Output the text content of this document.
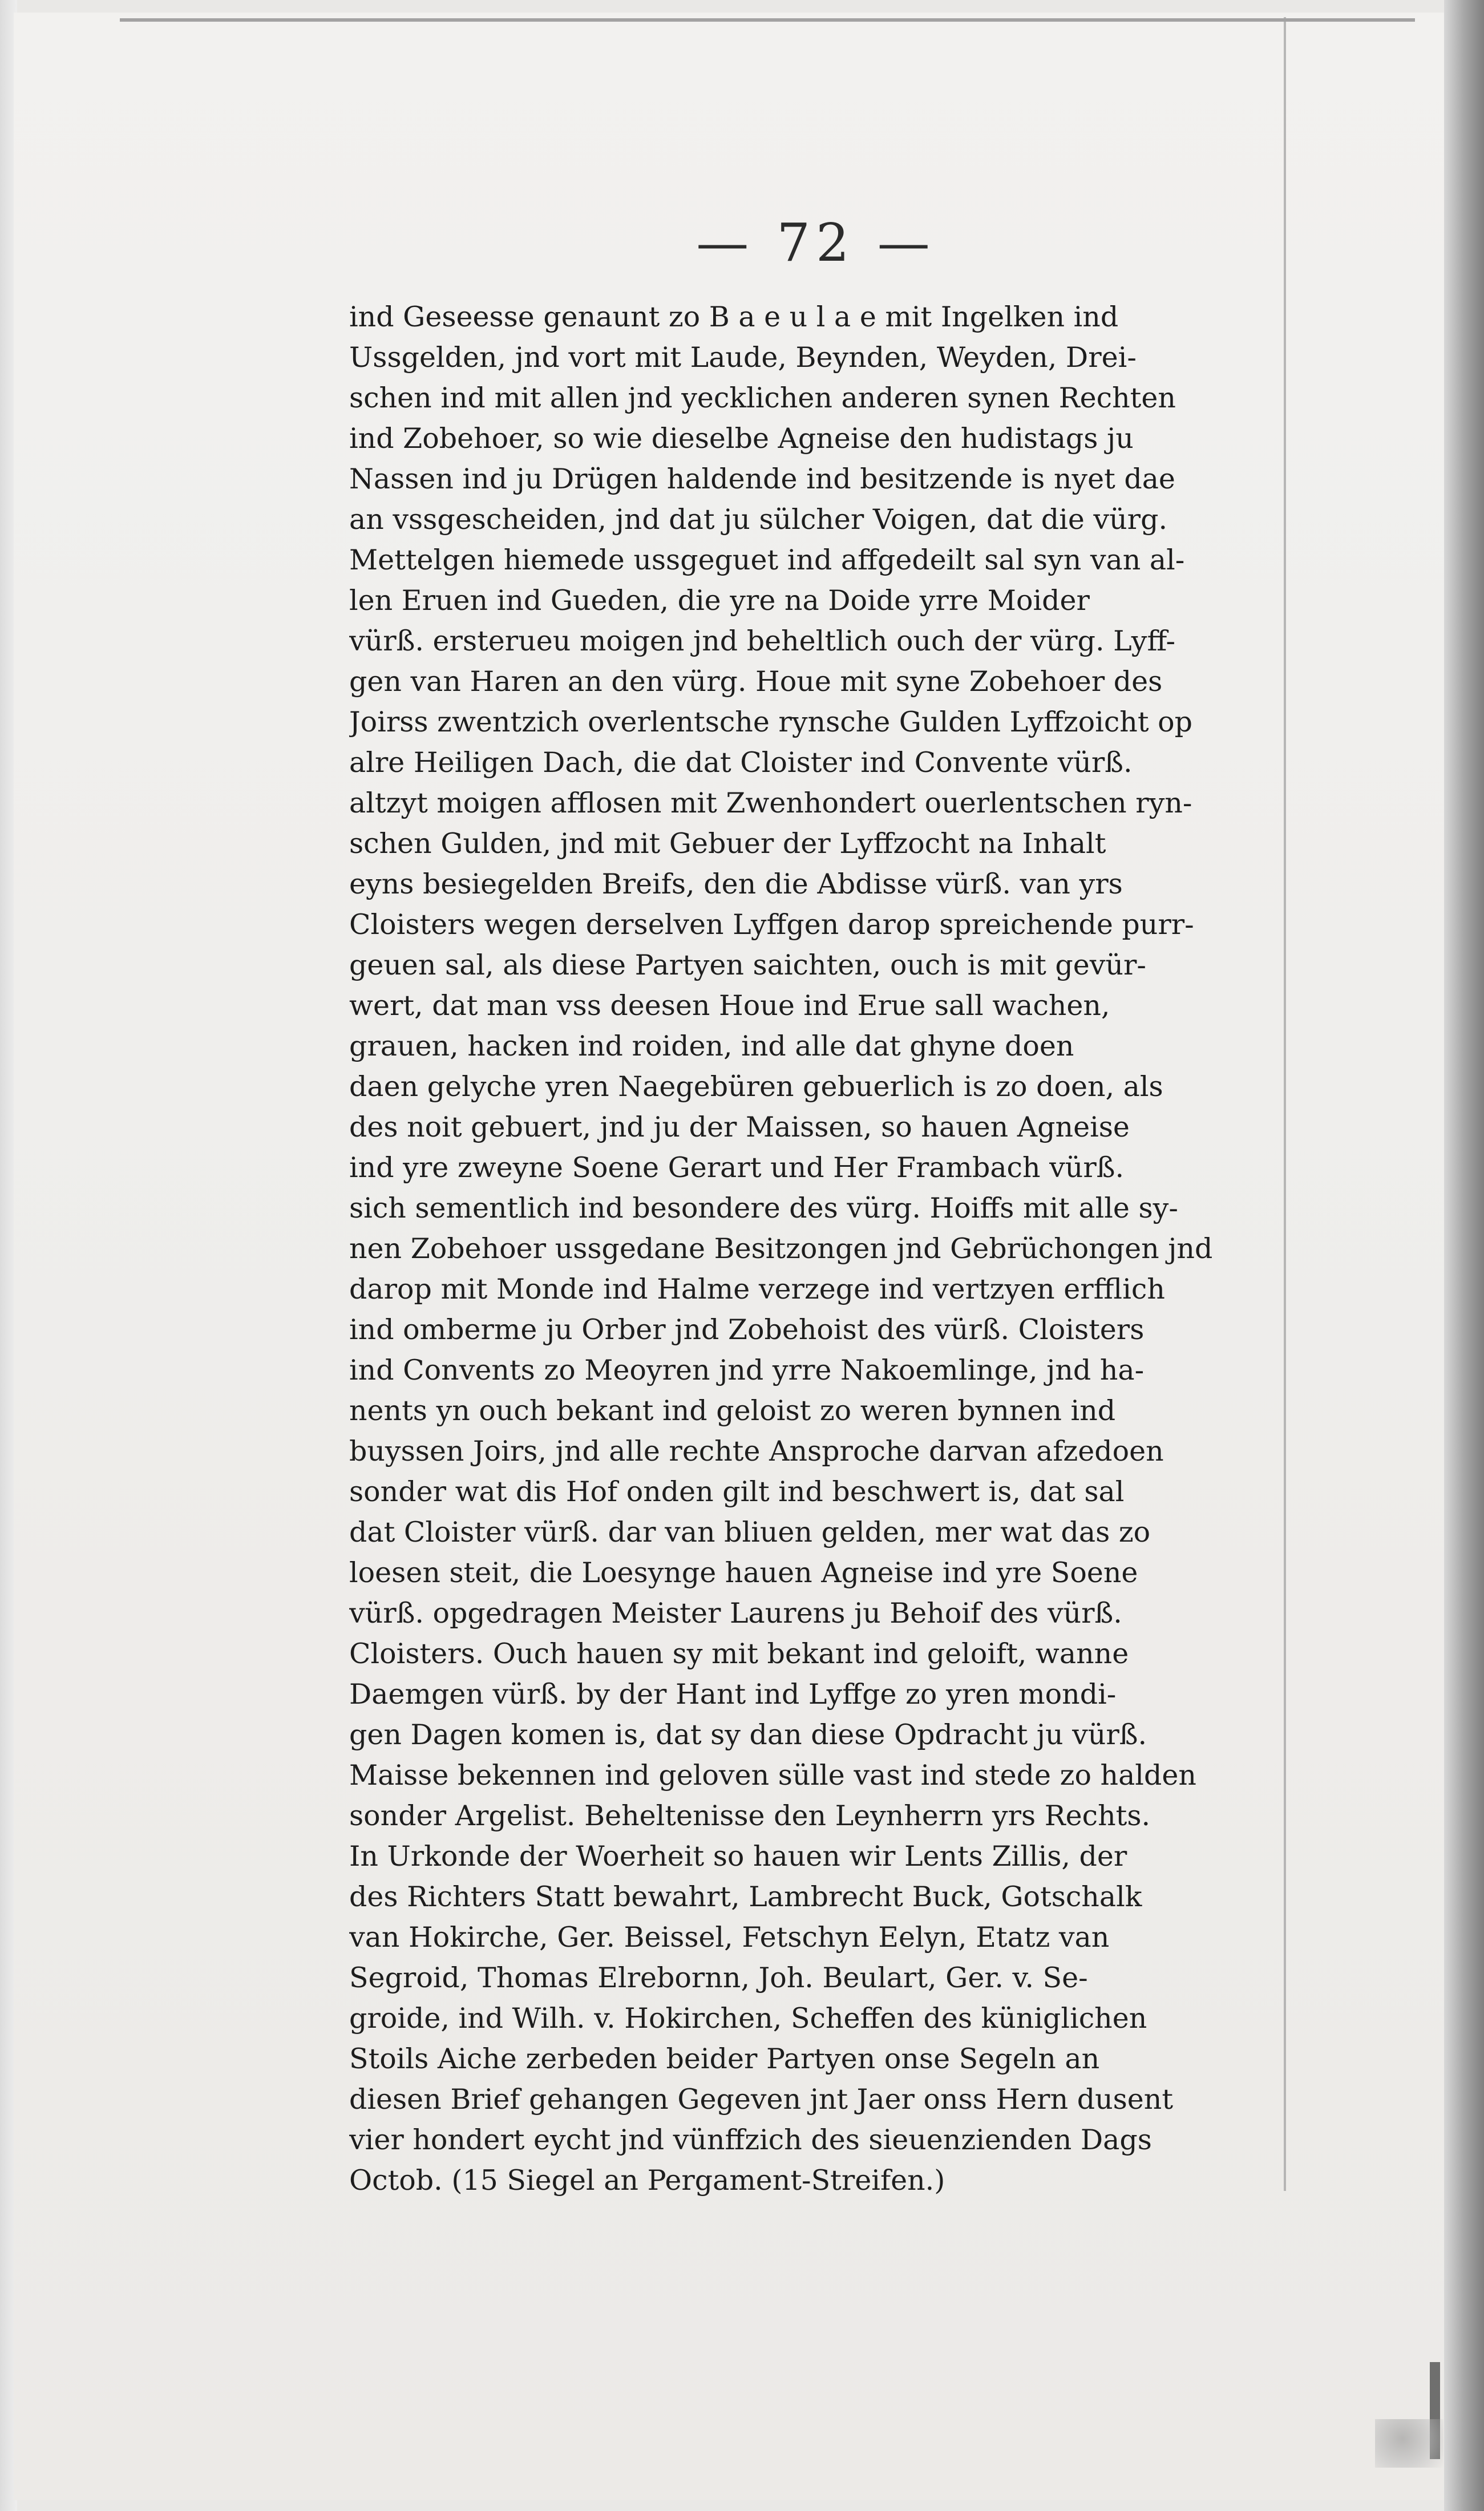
— 72 —
ind Geseesse genaunt zo B a e u l a e mit Ingelken ind
Ussgelden, jnd vort mit Laude, Beynden, Weyden, Drei-
schen ind mit allen jnd yecklichen anderen synen Rechten
ind Zobehoer, so wie dieselbe Agneise den hudistags ju
Nassen ind ju Drügen haldende ind besitzende is nyet dae
an vssgescheiden, jnd dat ju sülcher Voigen, dat die vürg.
Mettelgen hiemede ussgeguet ind affgedeilt sal syn van al-
len Eruen ind Gueden, die yre na Doide yrre Moider
vürß. ersterueu moigen jnd beheltlich ouch der vürg. Lyff-
gen van Haren an den vürg. Houe mit syne Zobehoer des
Joirss zwentzich overlentsche rynsche Gulden Lyffzoicht op
alre Heiligen Dach, die dat Cloister ind Convente vürß.
altzyt moigen afflosen mit Zwenhondert ouerlentschen ryn-
schen Gulden, jnd mit Gebuer der Lyffzocht na Inhalt
eyns besiegelden Breifs, den die Abdisse vürß. van yrs
Cloisters wegen derselven Lyffgen darop spreichende purr-
geuen sal, als diese Partyen saichten, ouch is mit gevür-
wert, dat man vss deesen Houe ind Erue sall wachen,
grauen, hacken ind roiden, ind alle dat ghyne doen
daen gelyche yren Naegebüren gebuerlich is zo doen, als
des noit gebuert, jnd ju der Maissen, so hauen Agneise
ind yre zweyne Soene Gerart und Her Frambach vürß.
sich sementlich ind besondere des vürg. Hoiffs mit alle sy-
nen Zobehoer ussgedane Besitzongen jnd Gebrüchongen jnd
darop mit Monde ind Halme verzege ind vertzyen erfflich
ind omberme ju Orber jnd Zobehoist des vürß. Cloisters
ind Convents zo Meoyren jnd yrre Nakoemlinge, jnd ha-
nents yn ouch bekant ind geloist zo weren bynnen ind
buyssen Joirs, jnd alle rechte Ansproche darvan afzedoen
sonder wat dis Hof onden gilt ind beschwert is, dat sal
dat Cloister vürß. dar van bliuen gelden, mer wat das zo
loesen steit, die Loesynge hauen Agneise ind yre Soene
vürß. opgedragen Meister Laurens ju Behoif des vürß.
Cloisters. Ouch hauen sy mit bekant ind geloift, wanne
Daemgen vürß. by der Hant ind Lyffge zo yren mondi-
gen Dagen komen is, dat sy dan diese Opdracht ju vürß.
Maisse bekennen ind geloven sülle vast ind stede zo halden
sonder Argelist. Beheltenisse den Leynherrn yrs Rechts.
In Urkonde der Woerheit so hauen wir Lents Zillis, der
des Richters Statt bewahrt, Lambrecht Buck, Gotschalk
van Hokirche, Ger. Beissel, Fetschyn Eelyn, Etatz van
Segroid, Thomas Elrebornn, Joh. Beulart, Ger. v. Se-
groide, ind Wilh. v. Hokirchen, Scheffen des küniglichen
Stoils Aiche zerbeden beider Partyen onse Segeln an
diesen Brief gehangen Gegeven jnt Jaer onss Hern dusent
vier hondert eycht jnd vünffzich des sieuenzienden Dags
Octob. (15 Siegel an Pergament-Streifen.)
